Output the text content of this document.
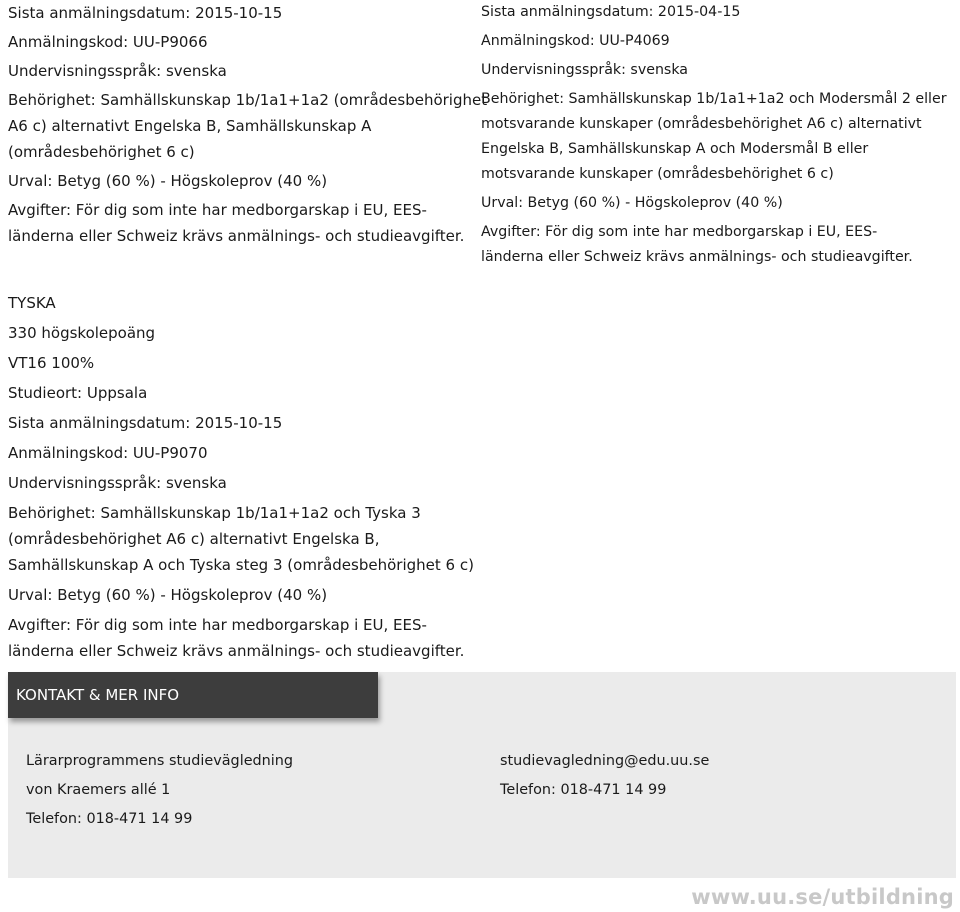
Sista anmälningsdatum: 2015-10-15
Anmälningskod: UU-P9066
Undervisningsspråk: svenska
Behörighet: Samhällskunskap 1b/1a1+1a2 (områdesbehörighet
A6 c) alternativt Engelska B, Samhällskunskap A
(områdesbehörighet 6 c)
Urval: Betyg (60 %) - Högskoleprov (40 %)
Avgifter: För dig som inte har medborgarskap i EU, EES-
länderna eller Schweiz krävs anmälnings- och studieavgifter.
Sista anmälningsdatum: 2015-04-15
Anmälningskod: UU-P4069
Undervisningsspråk: svenska
Behörighet: Samhällskunskap 1b/1a1+1a2 och Modersmål 2 eller
motsvarande kunskaper (områdesbehörighet A6 c) alternativt
Engelska B, Samhällskunskap A och Modersmål B eller
motsvarande kunskaper (områdesbehörighet 6 c)
Urval: Betyg (60 %) - Högskoleprov (40 %)
Avgifter: För dig som inte har medborgarskap i EU, EES-
länderna eller Schweiz krävs anmälnings- och studieavgifter.
TYSKA
330 högskolepoäng
VT16 100%
Studieort: Uppsala
Sista anmälningsdatum: 2015-10-15
Anmälningskod: UU-P9070
Undervisningsspråk: svenska
Behörighet: Samhällskunskap 1b/1a1+1a2 och Tyska 3
(områdesbehörighet A6 c) alternativt Engelska B,
Samhällskunskap A och Tyska steg 3 (områdesbehörighet 6 c)
Urval: Betyg (60 %) - Högskoleprov (40 %)
Avgifter: För dig som inte har medborgarskap i EU, EES-
länderna eller Schweiz krävs anmälnings- och studieavgifter.
KONTAKT & MER INFO
Lärarprogrammens studievägledning
von Kraemers allé 1
Telefon: 018-471 14 99
studievagledning@edu.uu.se
Telefon: 018-471 14 99
www.uu.se/utbildning
